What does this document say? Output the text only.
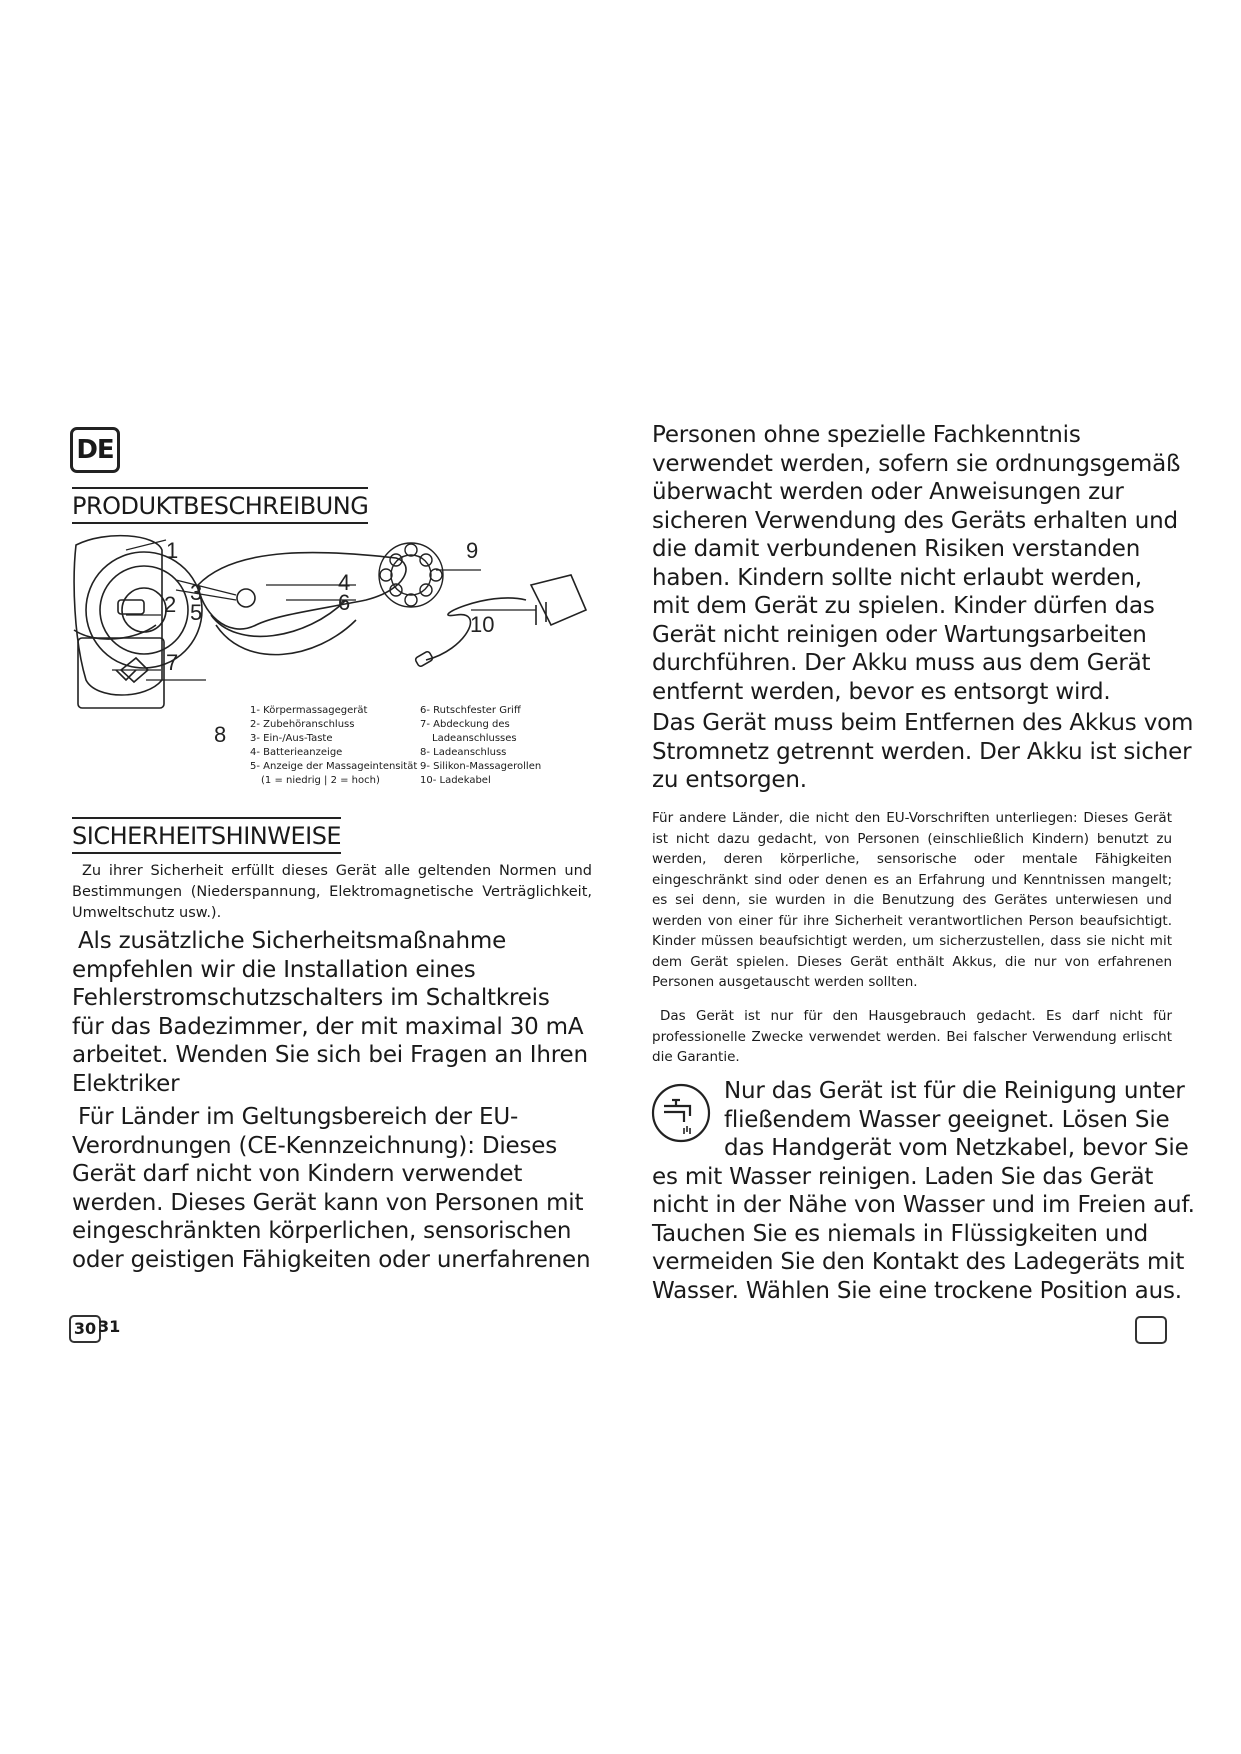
DE
PRODUKTBESCHREIBUNG
1
2 3	4
5	6
7
8
9
10
1- Körpermassagegerät
2- Zubehöranschluss
3- Ein-/Aus-Taste
4- Batterieanzeige
5- Anzeige der Massageintensität
(1 = niedrig | 2 = hoch)
6- Rutschfester Griff
7- Abdeckung des
Ladeanschlusses
8- Ladeanschluss
9- Silikon-Massagerollen
10- Ladekabel
SICHERHEITSHINWEISE

Zu ihrer Sicherheit erfüllt dieses Gerät alle geltenden Normen und Bestimmungen (Niederspannung, Elektromagnetische Verträglichkeit, Umweltschutz usw.).

Als zusätzliche Sicherheitsmaßnahme
empfehlen wir die Installation eines
Fehlerstromschutzschalters im Schaltkreis
für das Badezimmer, der mit maximal 30 mA
arbeitet. Wenden Sie sich bei Fragen an Ihren
Elektriker
Für Länder im Geltungsbereich der EU-
Verordnungen (CE-Kennzeichnung): Dieses
Gerät darf nicht von Kindern verwendet
werden. Dieses Gerät kann von Personen mit
eingeschränkten körperlichen, sensorischen
oder geistigen Fähigkeiten oder unerfahrenen
30 31
Personen ohne spezielle Fachkenntnis
verwendet werden, sofern sie ordnungsgemäß
überwacht werden oder Anweisungen zur
sicheren Verwendung des Geräts erhalten und
die damit verbundenen Risiken verstanden
haben. Kindern sollte nicht erlaubt werden,
mit dem Gerät zu spielen. Kinder dürfen das
Gerät nicht reinigen oder Wartungsarbeiten
durchführen. Der Akku muss aus dem Gerät
entfernt werden, bevor es entsorgt wird.
Das Gerät muss beim Entfernen des Akkus vom
Stromnetz getrennt werden. Der Akku ist sicher
zu entsorgen.

Für andere Länder, die nicht den EU-Vorschriften unterliegen: Dieses Gerät ist nicht dazu gedacht, von Personen (einschließlich Kindern) benutzt zu werden, deren körperliche, sensorische oder mentale Fähigkeiten eingeschränkt sind oder denen es an Erfahrung und Kenntnissen mangelt; es sei denn, sie wurden in die Benutzung des Gerätes unterwiesen und werden von einer für ihre Sicherheit verantwortlichen Person beaufsichtigt. Kinder müssen beaufsichtigt werden, um sicherzustellen, dass sie nicht mit dem Gerät spielen. Dieses Gerät enthält Akkus, die nur von erfahrenen Personen ausgetauscht werden sollten.

Das Gerät ist nur für den Hausgebrauch gedacht. Es darf nicht für professionelle Zwecke verwendet werden. Bei falscher Verwendung erlischt die Garantie.

Nur das Gerät ist für die Reinigung unter
fließendem Wasser geeignet. Lösen Sie
das Handgerät vom Netzkabel, bevor Sie
es mit Wasser reinigen. Laden Sie das Gerät
nicht in der Nähe von Wasser und im Freien auf.
Tauchen Sie es niemals in Flüssigkeiten und
vermeiden Sie den Kontakt des Ladegeräts mit
Wasser. Wählen Sie eine trockene Position aus.
